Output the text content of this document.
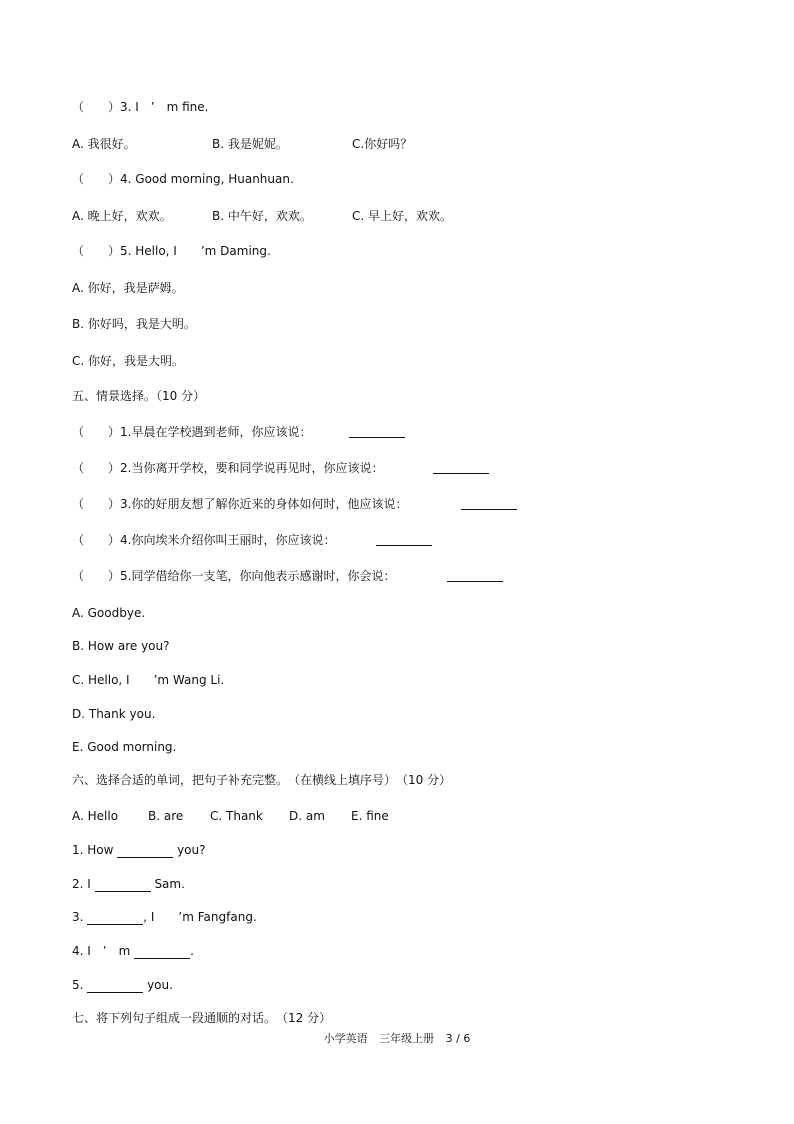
（　　）3. I　’　m fine.
A. 我很好。	B. 我是妮妮。	C.你好吗？
（　　）4. Good morning, Huanhuan.
A. 晚上好，欢欢。	B. 中午好，欢欢。	C. 早上好，欢欢。
（　　）5. Hello, I　　’m Daming.
A. 你好，我是萨姆。
B. 你好吗，我是大明。
C. 你好，我是大明。
五、情景选择。（10 分）
（　　）1.早晨在学校遇到老师，你应该说：
（　　）2.当你离开学校，要和同学说再见时，你应该说：
（　　）3.你的好朋友想了解你近来的身体如何时，他应该说：
（　　）4.你向埃米介绍你叫王丽时，你应该说：
（　　）5.同学借给你一支笔，你向他表示感谢时，你会说：
A. Goodbye.
B. How are you?
C. Hello, I　　’m Wang Li.
D. Thank you.
E. Good morning.
六、选择合适的单词，把句子补充完整。　（在横线上填序号）　（10 分）
A. Hello B. are C. Thank D. am E. fine
1. How	you?
2. I	Sam.
3.	, I　　’m Fangfang.
4. I　’　m	.
5.	you.
七、将下列句子组成一段通顺的对话。　（12 分）
小学英语 三年级上册 3 / 6
